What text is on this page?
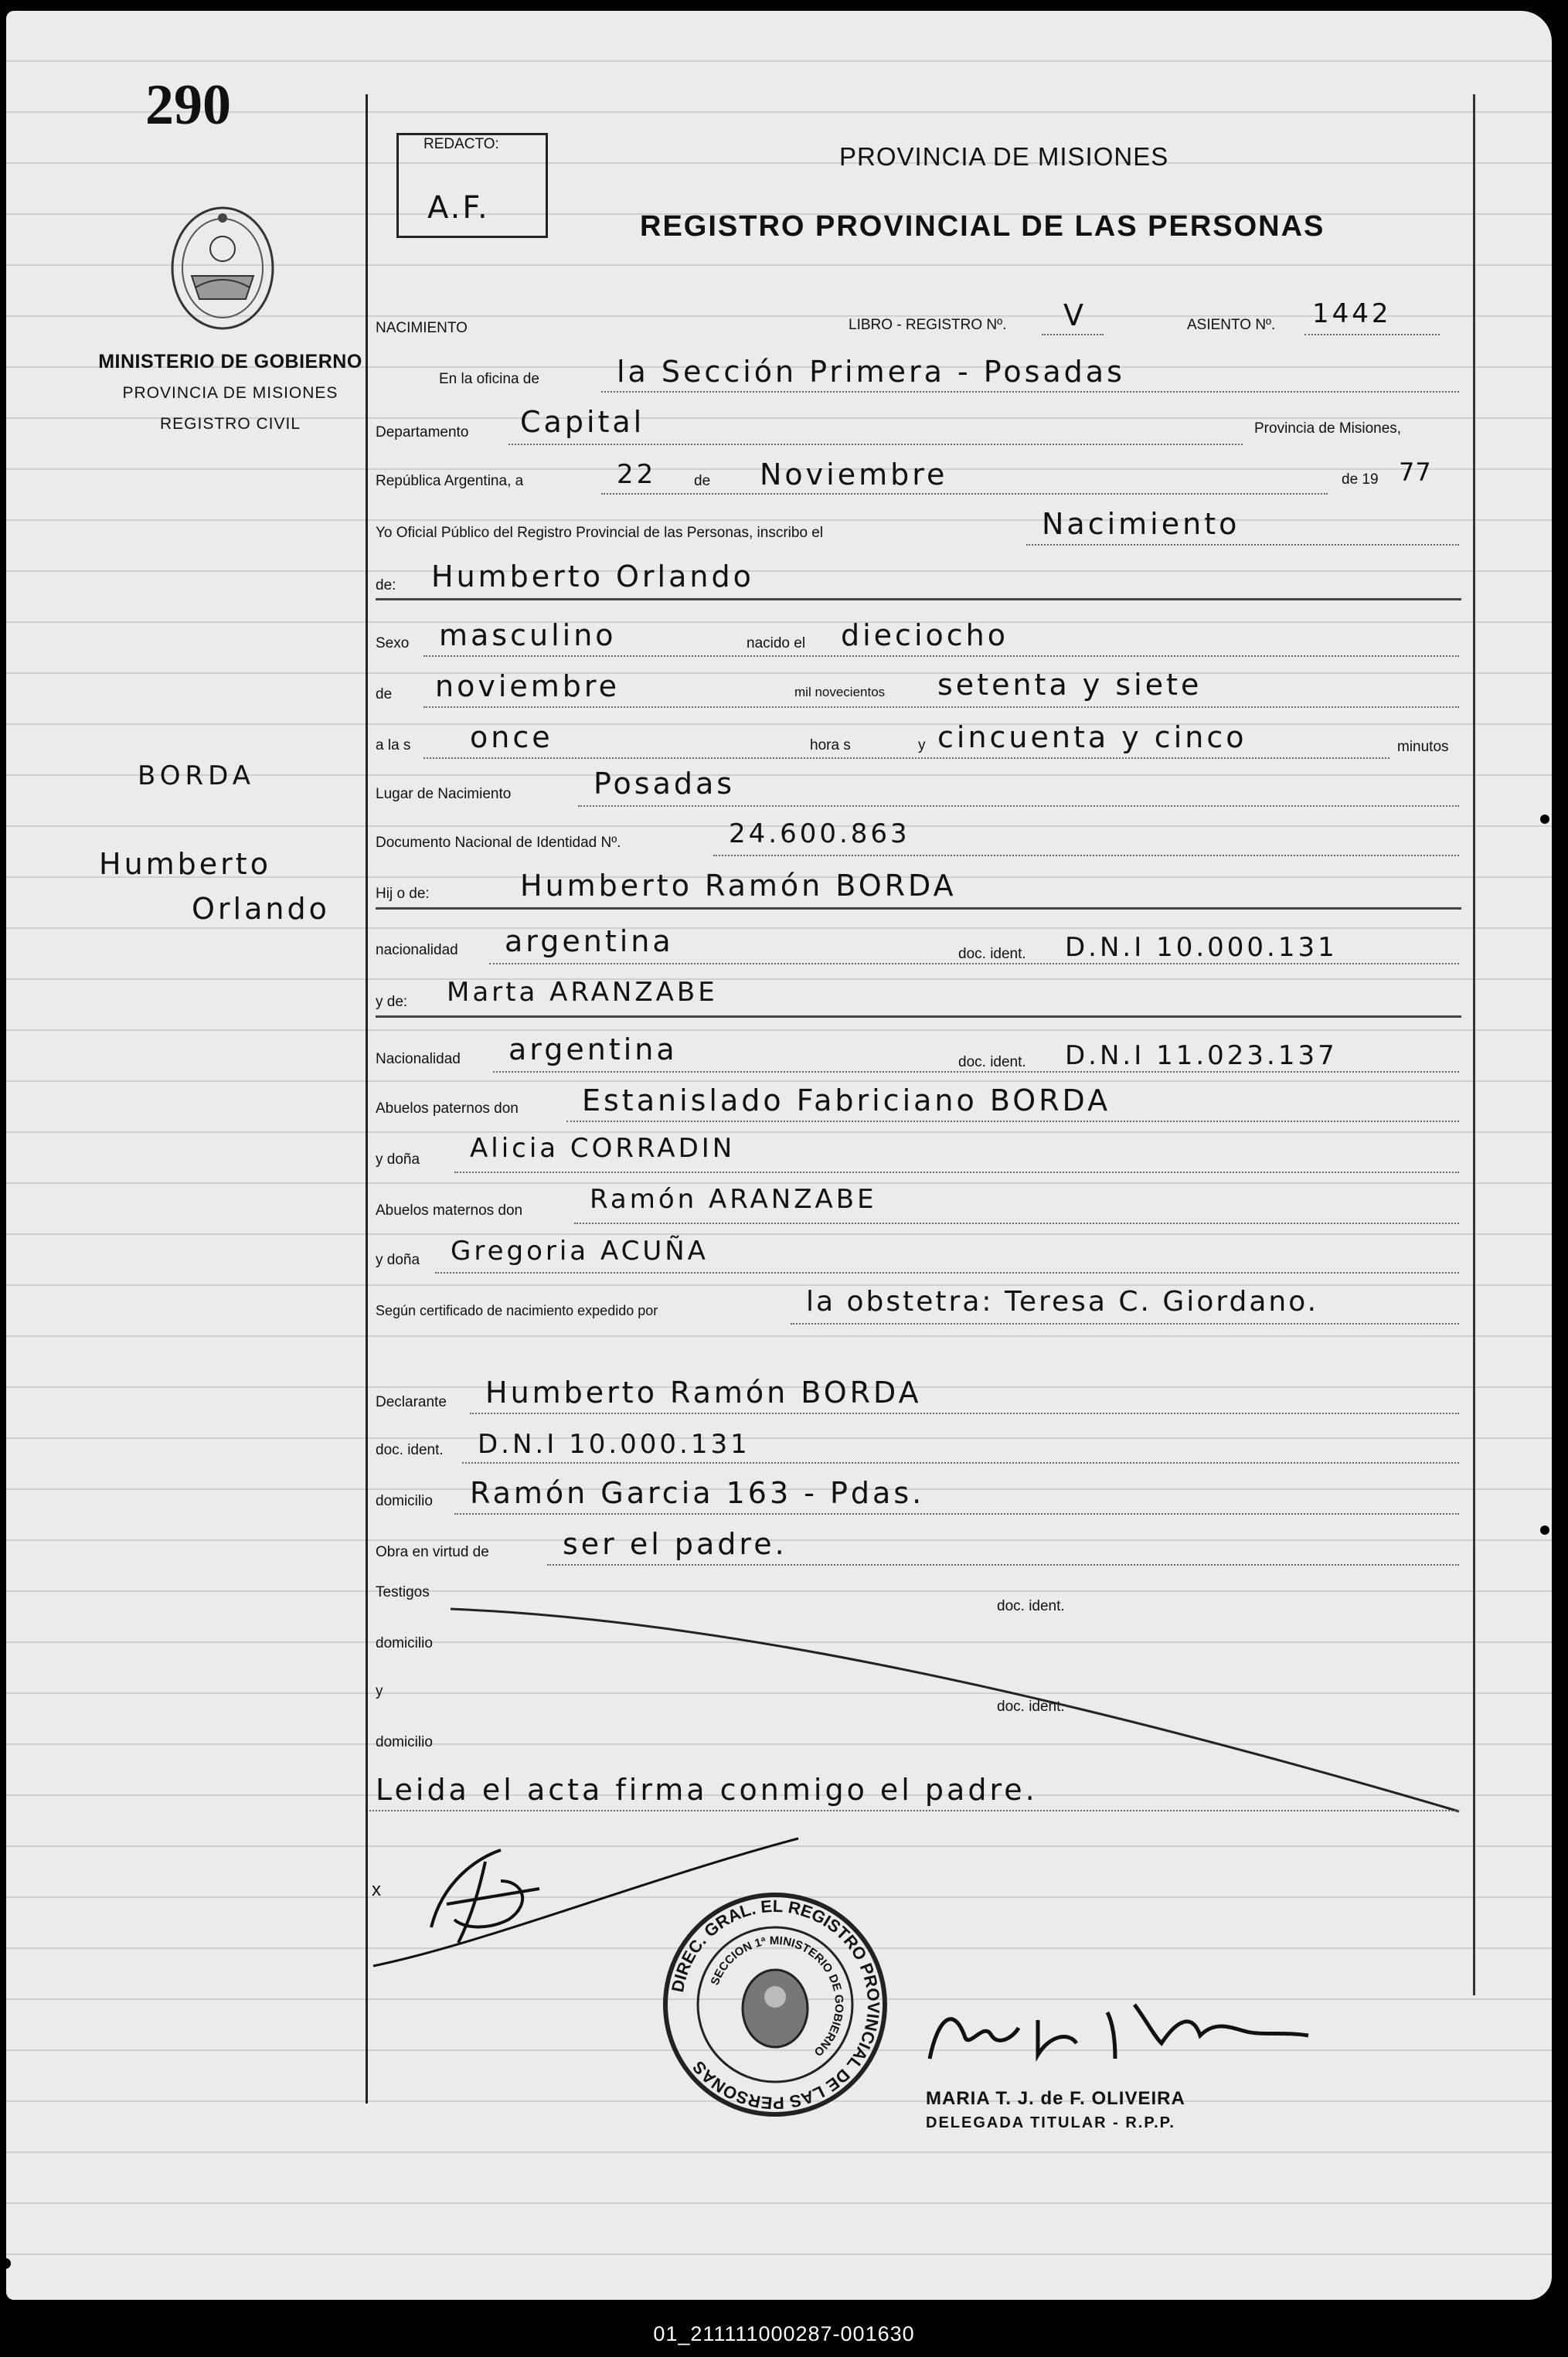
290
MINISTERIO DE GOBIERNO
PROVINCIA DE MISIONES
REGISTRO CIVIL
BORDA
Humberto
Orlando
REDACTO:
A.F.
PROVINCIA DE MISIONES
REGISTRO PROVINCIAL DE LAS PERSONAS
NACIMIENTO	LIBRO - REGISTRO Nº. V	ASIENTO Nº. 1442
En la oficina de	la Sección Primera - Posadas
Departamento Capital	Provincia de Misiones,
República Argentina, a	22	de Noviembre	de 19 77
Yo Oficial Público del Registro Provincial de las Personas, inscribo el	Nacimiento
de: Humberto Orlando
Sexo masculino	nacido el dieciocho
de noviembre	mil novecientos setenta y siete
a la s once	hora s	y cincuenta y cinco	minutos
Lugar de Nacimiento	Posadas
Documento Nacional de Identidad Nº.	24.600.863
Hij o de:	Humberto Ramón BORDA
nacionalidad argentina	doc. ident. D.N.I 10.000.131
y de: Marta ARANZABE
Nacionalidad argentina	doc. ident. D.N.I 11.023.137
Abuelos paternos don Estanislado Fabriciano BORDA
y doña Alicia CORRADIN
Abuelos maternos don	Ramón ARANZABE
y doña Gregoria ACUÑA
Según certificado de nacimiento expedido por	la obstetra: Teresa C. Giordano.
Declarante Humberto Ramón BORDA
doc. ident. D.N.I 10.000.131
domicilio Ramón Garcia 163 - Pdas.
Obra en virtud de	ser el padre.
Testigos
doc. ident.
domicilio
y
doc. ident.
domicilio
Leida el acta firma conmigo el padre.
x
DIREC. GRAL. EL REGISTRO PROVINCIAL DE LAS PERSONAS
SECCION 1ª MINISTERIO DE GOBIERNO
MARIA T. J. de F. OLIVEIRA
DELEGADA TITULAR - R.P.P.
01_211111000287-001630
